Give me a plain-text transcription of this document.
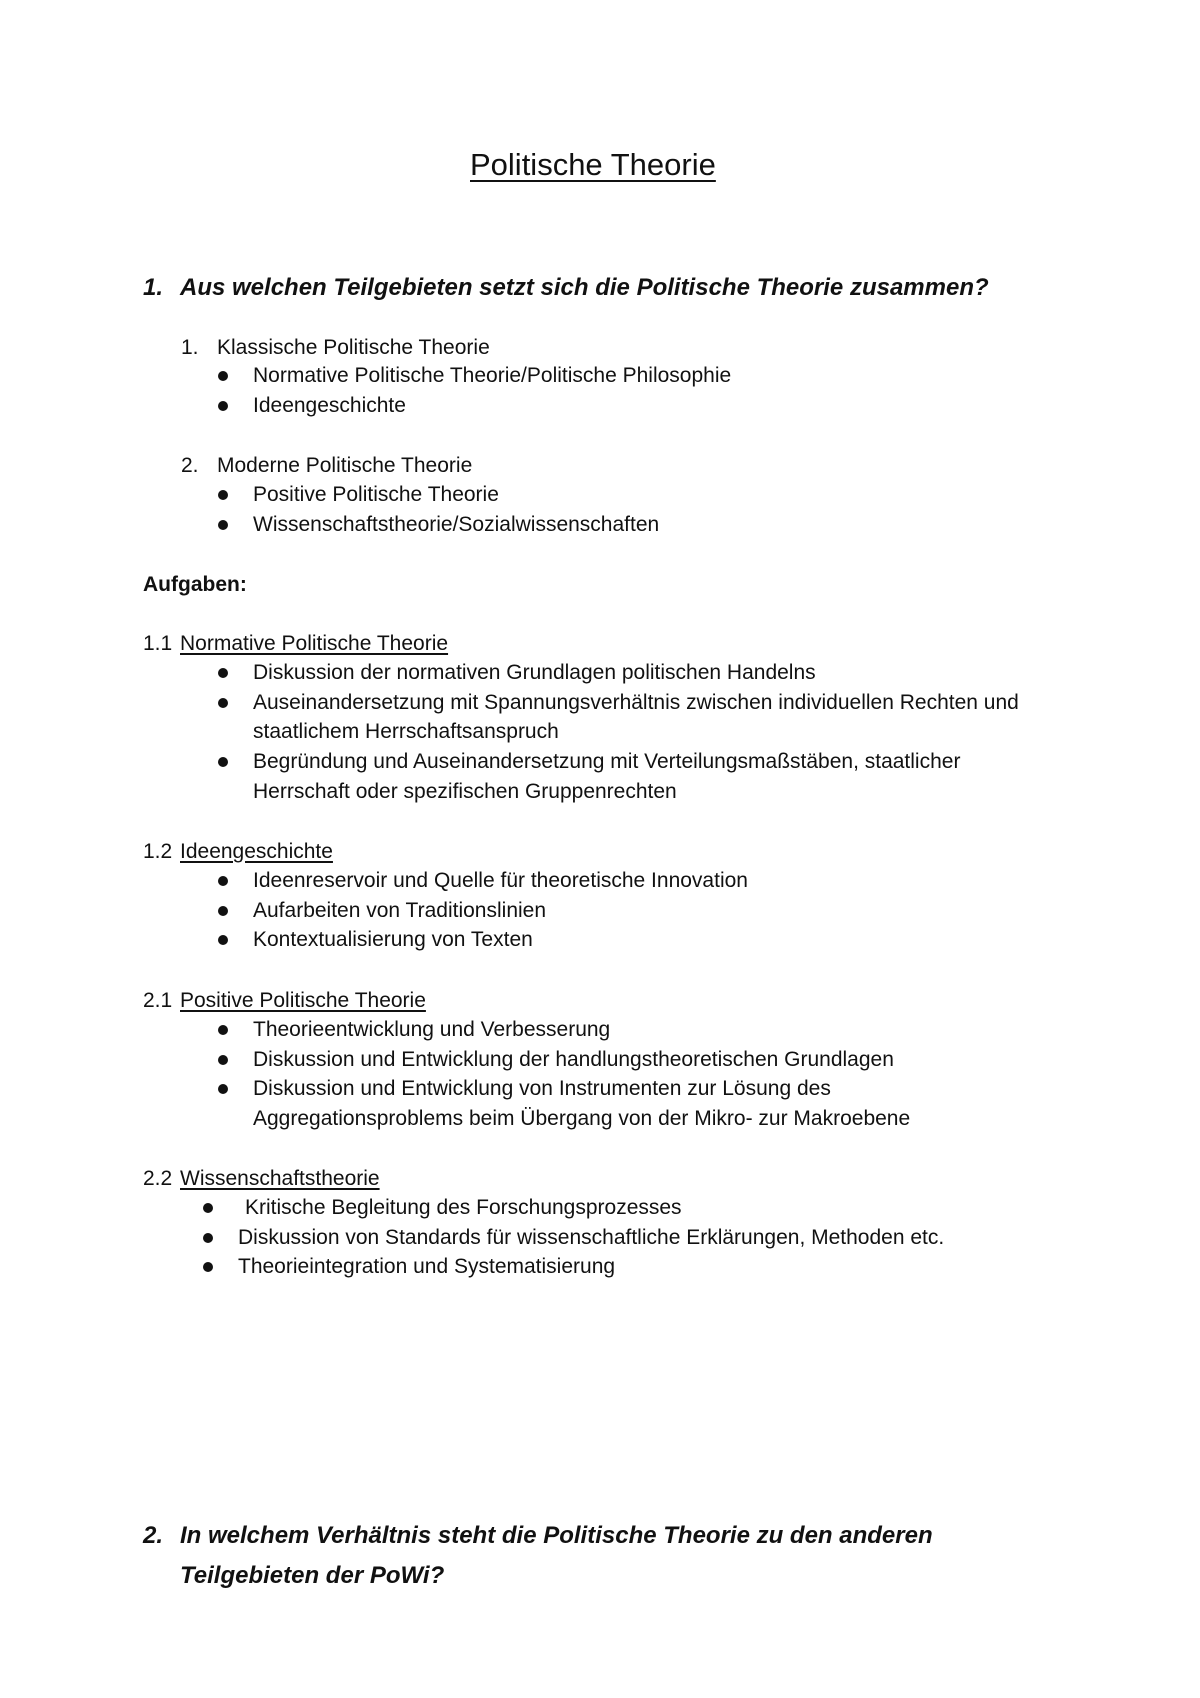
Politische Theorie
1. Aus welchen Teilgebieten setzt sich die Politische Theorie zusammen?
1. Klassische Politische Theorie
Normative Politische Theorie/Politische Philosophie
Ideengeschichte
2. Moderne Politische Theorie
Positive Politische Theorie
Wissenschaftstheorie/Sozialwissenschaften
Aufgaben:
1.1 Normative Politische Theorie
Diskussion der normativen Grundlagen politischen Handelns
Auseinandersetzung mit Spannungsverhältnis zwischen individuellen Rechten und
staatlichem Herrschaftsanspruch
Begründung und Auseinandersetzung mit Verteilungsmaßstäben, staatlicher
Herrschaft oder spezifischen Gruppenrechten
1.2 Ideengeschichte
Ideenreservoir und Quelle für theoretische Innovation
Aufarbeiten von Traditionslinien
Kontextualisierung von Texten
2.1 Positive Politische Theorie
Theorieentwicklung und Verbesserung
Diskussion und Entwicklung der handlungstheoretischen Grundlagen
Diskussion und Entwicklung von Instrumenten zur Lösung des
Aggregationsproblems beim Übergang von der Mikro- zur Makroebene
2.2 Wissenschaftstheorie
Kritische Begleitung des Forschungsprozesses
Diskussion von Standards für wissenschaftliche Erklärungen, Methoden etc.
Theorieintegration und Systematisierung
2. In welchem Verhältnis steht die Politische Theorie zu den anderen
Teilgebieten der PoWi?
